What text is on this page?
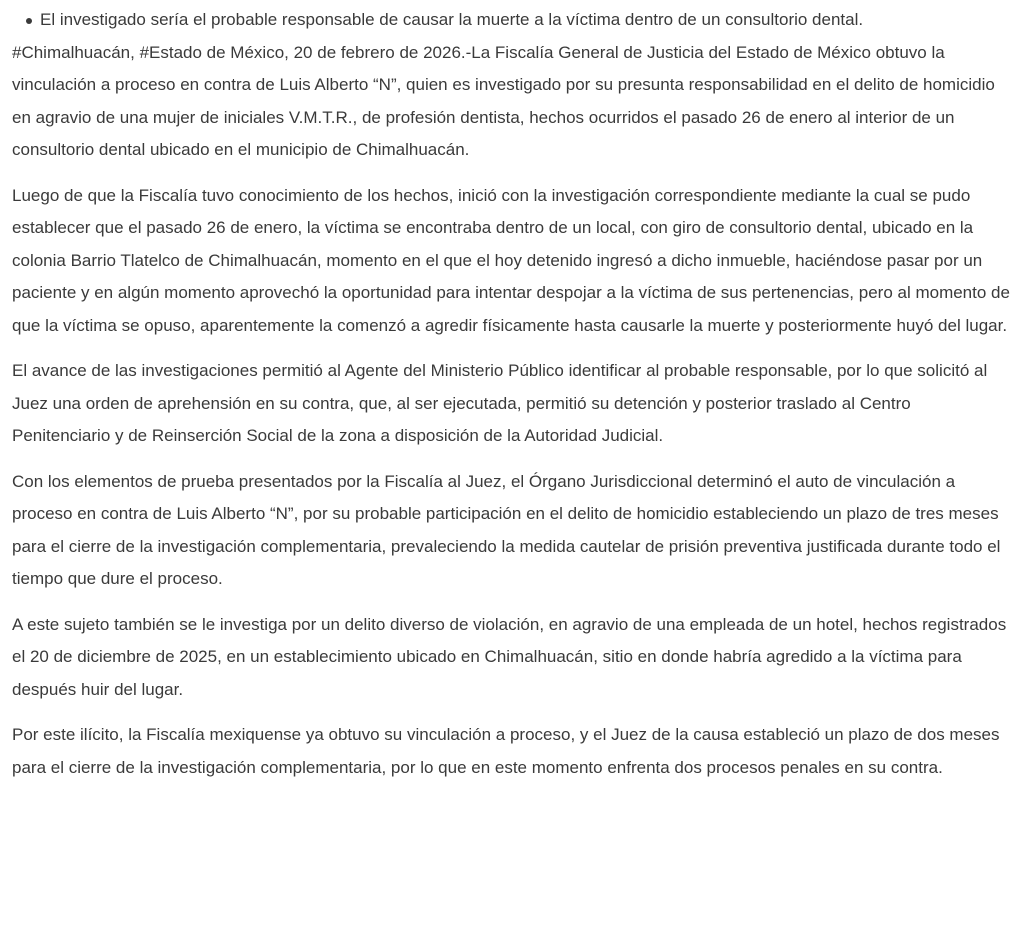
El investigado sería el probable responsable de causar la muerte a la víctima dentro de un consultorio dental.

#Chimalhuacán, #Estado de México, 20 de febrero de 2026.-La Fiscalía General de Justicia del Estado de México obtuvo la vinculación a proceso en contra de Luis Alberto “N”, quien es investigado por su presunta responsabilidad en el delito de homicidio en agravio de una mujer de iniciales V.M.T.R., de profesión dentista, hechos ocurridos el pasado 26 de enero al interior de un consultorio dental ubicado en el municipio de Chimalhuacán.

Luego de que la Fiscalía tuvo conocimiento de los hechos, inició con la investigación correspondiente mediante la cual se pudo establecer que el pasado 26 de enero, la víctima se encontraba dentro de un local, con giro de consultorio dental, ubicado en la colonia Barrio Tlatelco de Chimalhuacán, momento en el que el hoy detenido ingresó a dicho inmueble, haciéndose pasar por un paciente y en algún momento aprovechó la oportunidad para intentar despojar a la víctima de sus pertenencias, pero al momento de que la víctima se opuso, aparentemente la comenzó a agredir físicamente hasta causarle la muerte y posteriormente huyó del lugar.

El avance de las investigaciones permitió al Agente del Ministerio Público identificar al probable responsable, por lo que solicitó al Juez una orden de aprehensión en su contra, que, al ser ejecutada, permitió su detención y posterior traslado al Centro Penitenciario y de Reinserción Social de la zona a disposición de la Autoridad Judicial.

Con los elementos de prueba presentados por la Fiscalía al Juez, el Órgano Jurisdiccional determinó el auto de vinculación a proceso en contra de Luis Alberto “N”, por su probable participación en el delito de homicidio estableciendo un plazo de tres meses para el cierre de la investigación complementaria, prevaleciendo la medida cautelar de prisión preventiva justificada durante todo el tiempo que dure el proceso.

A este sujeto también se le investiga por un delito diverso de violación, en agravio de una empleada de un hotel, hechos registrados el 20 de diciembre de 2025, en un establecimiento ubicado en Chimalhuacán, sitio en donde habría agredido a la víctima para después huir del lugar.

Por este ilícito, la Fiscalía mexiquense ya obtuvo su vinculación a proceso, y el Juez de la causa estableció un plazo de dos meses para el cierre de la investigación complementaria, por lo que en este momento enfrenta dos procesos penales en su contra.
